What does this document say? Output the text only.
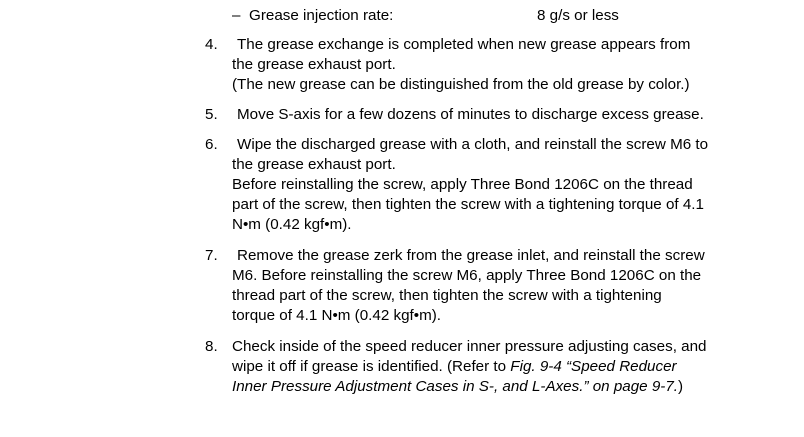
– Grease injection rate:	8 g/s or less
4.	The grease exchange is completed when new grease appears from
the grease exhaust port.
(The new grease can be distinguished from the old grease by color.)
5.	Move S-axis for a few dozens of minutes to discharge excess grease.
6.	Wipe the discharged grease with a cloth, and reinstall the screw M6 to
the grease exhaust port.
Before reinstalling the screw, apply Three Bond 1206C on the thread
part of the screw, then tighten the screw with a tightening torque of 4.1
N•m (0.42 kgf•m).
7.	Remove the grease zerk from the grease inlet, and reinstall the screw
M6. Before reinstalling the screw M6, apply Three Bond 1206C on the
thread part of the screw, then tighten the screw with a tightening
torque of 4.1 N•m (0.42 kgf•m).
8. Check inside of the speed reducer inner pressure adjusting cases, and
wipe it off if grease is identified. (Refer to Fig. 9-4 “Speed Reducer
Inner Pressure Adjustment Cases in S-, and L-Axes.” on page 9-7.)
